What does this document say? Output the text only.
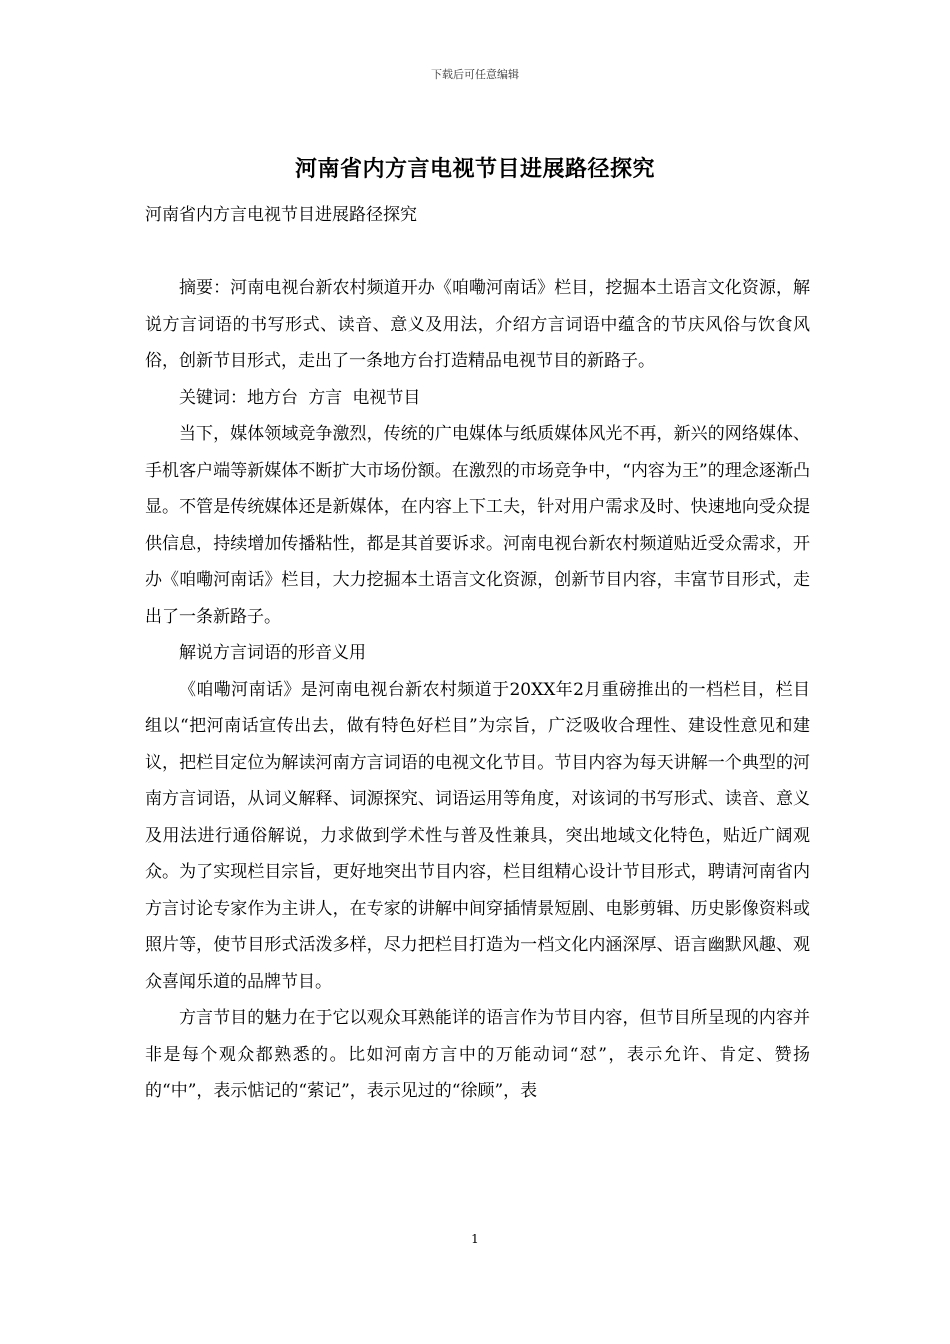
下载后可任意编辑
河南省内方言电视节目进展路径探究
河南省内方言电视节目进展路径探究

摘要：河南电视台新农村频道开办《咱嘞河南话》栏目，挖掘本土语言文化资源，解说方言词语的书写形式、读音、意义及用法，介绍方言词语中蕴含的节庆风俗与饮食风俗，创新节目形式，走出了一条地方台打造精品电视节目的新路子。

关键词：地方台 方言 电视节目

当下，媒体领域竞争激烈，传统的广电媒体与纸质媒体风光不再，新兴的网络媒体、手机客户端等新媒体不断扩大市场份额。在激烈的市场竞争中，“内容为王”的理念逐渐凸显。不管是传统媒体还是新媒体，在内容上下工夫，针对用户需求及时、快速地向受众提供信息，持续增加传播粘性，都是其首要诉求。河南电视台新农村频道贴近受众需求，开办《咱嘞河南话》栏目，大力挖掘本土语言文化资源，创新节目内容，丰富节目形式，走出了一条新路子。

解说方言词语的形音义用

《咱嘞河南话》是河南电视台新农村频道于20XX年2月重磅推出的一档栏目，栏目组以“把河南话宣传出去，做有特色好栏目”为宗旨，广泛吸收合理性、建设性意见和建议，把栏目定位为解读河南方言词语的电视文化节目。节目内容为每天讲解一个典型的河南方言词语，从词义解释、词源探究、词语运用等角度，对该词的书写形式、读音、意义及用法进行通俗解说，力求做到学术性与普及性兼具，突出地域文化特色，贴近广阔观众。为了实现栏目宗旨，更好地突出节目内容，栏目组精心设计节目形式，聘请河南省内方言讨论专家作为主讲人，在专家的讲解中间穿插情景短剧、电影剪辑、历史影像资料或照片等，使节目形式活泼多样，尽力把栏目打造为一档文化内涵深厚、语言幽默风趣、观众喜闻乐道的品牌节目。

方言节目的魅力在于它以观众耳熟能详的语言作为节目内容，但节目所呈现的内容并非是每个观众都熟悉的。比如河南方言中的万能动词“怼”，表示允许、肯定、赞扬的“中”，表示惦记的“萦记”，表示见过的“徐顾”，表

1
